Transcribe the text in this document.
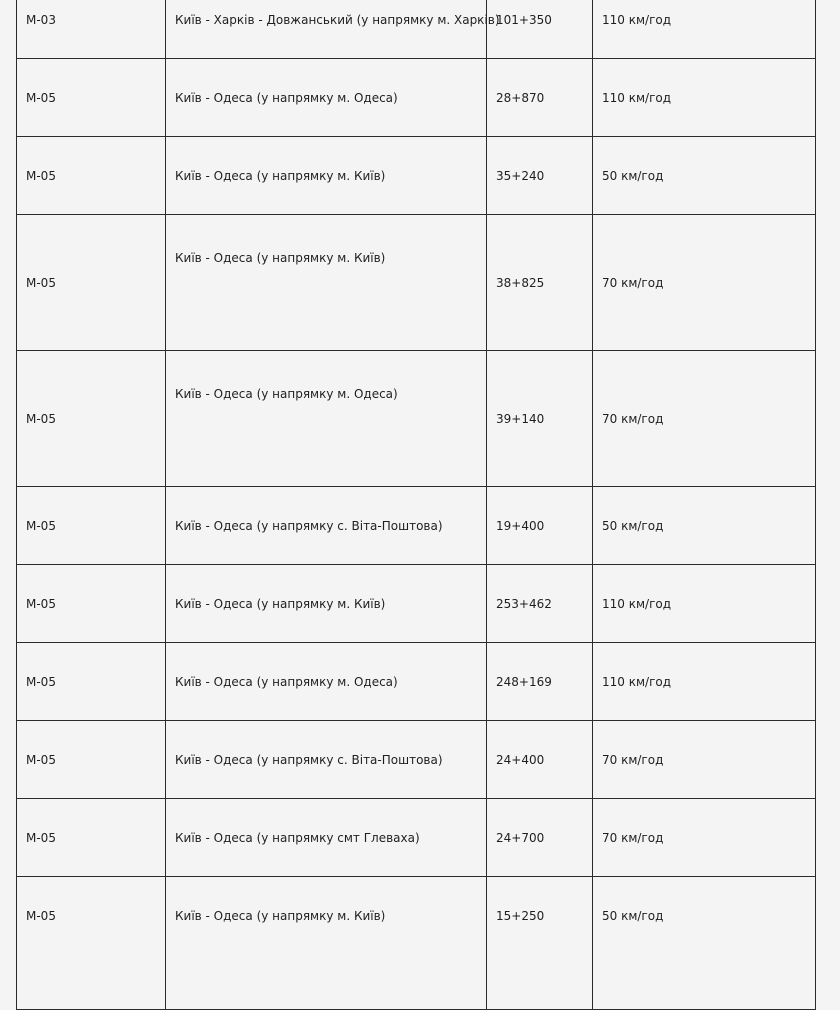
М-03	Київ - Харків - Довжанський (у напрямку м. Харків)	101+350	110 км/год
М-05	Київ - Одеса (у напрямку м. Одеса)	28+870	110 км/год
М-05	Київ - Одеса (у напрямку м. Київ)	35+240	50 км/год
М-05	Київ - Одеса (у напрямку м. Київ)	38+825	70 км/год
М-05	Київ - Одеса (у напрямку м. Одеса)	39+140	70 км/год
М-05	Київ - Одеса (у напрямку с. Віта-Поштова)	19+400	50 км/год
М-05	Київ - Одеса (у напрямку м. Київ)	253+462	110 км/год
М-05	Київ - Одеса (у напрямку м. Одеса)	248+169	110 км/год
М-05	Київ - Одеса (у напрямку с. Віта-Поштова)	24+400	70 км/год
М-05	Київ - Одеса (у напрямку смт Глеваха)	24+700	70 км/год
М-05	Київ - Одеса (у напрямку м. Київ)	15+250	50 км/год
